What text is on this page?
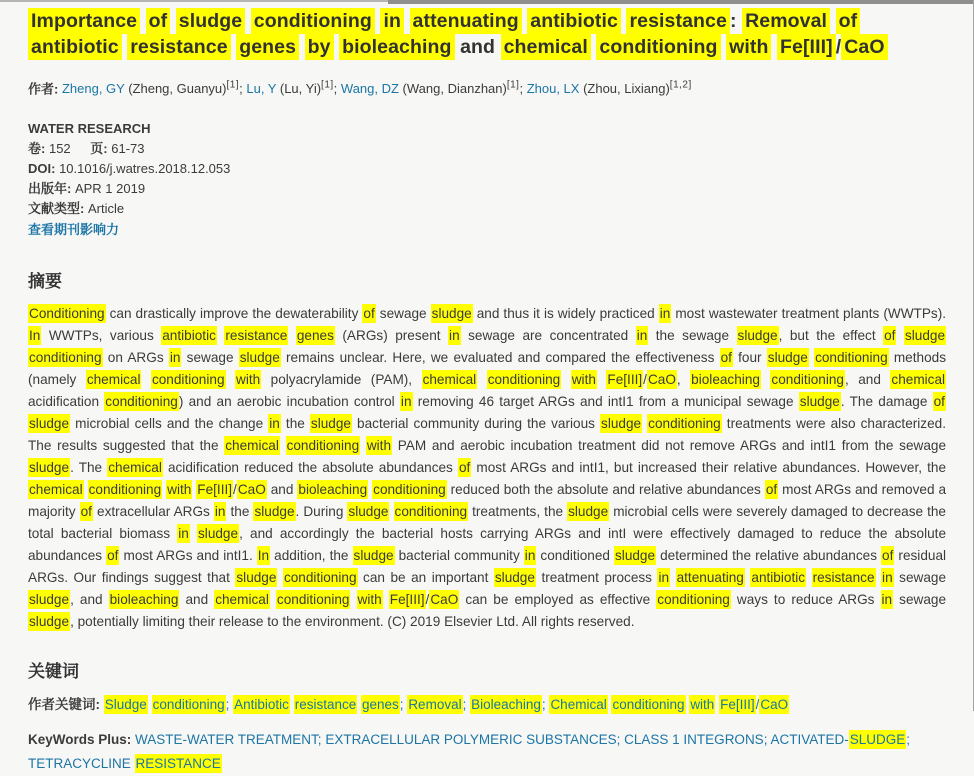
Importance of sludge conditioning in attenuating antibiotic resistance : Removal of antibiotic resistance genes by bioleaching and chemical conditioning with Fe[III] / CaO
作者: Zheng, GY (Zheng, Guanyu)[1]; Lu, Y (Lu, Yi)[1]; Wang, DZ (Wang, Dianzhan)[1]; Zhou, LX (Zhou, Lixiang)[1,2]
WATER RESEARCH
卷: 152 页: 61-73
DOI: 10.1016/j.watres.2018.12.053
出版年: APR 1 2019
文献类型: Article
查看期刊影响力
摘要

Conditioning can drastically improve the dewaterability of sewage sludge and thus it is widely practiced in most wastewater treatment plants (WWTPs). In WWTPs, various antibiotic resistance genes (ARGs) present in sewage are concentrated in the sewage sludge, but the effect of sludge conditioning on ARGs in sewage sludge remains unclear. Here, we evaluated and compared the effectiveness of four sludge conditioning methods (namely chemical conditioning with polyacrylamide (PAM), chemical conditioning with Fe[III]/CaO, bioleaching conditioning, and chemical acidification conditioning) and an aerobic incubation control in removing 46 target ARGs and intI1 from a municipal sewage sludge. The damage of sludge microbial cells and the change in the sludge bacterial community during the various sludge conditioning treatments were also characterized. The results suggested that the chemical conditioning with PAM and aerobic incubation treatment did not remove ARGs and intI1 from the sewage sludge. The chemical acidification reduced the absolute abundances of most ARGs and intI1, but increased their relative abundances. However, the chemical conditioning with Fe[III]/CaO and bioleaching conditioning reduced both the absolute and relative abundances of most ARGs and removed a majority of extracellular ARGs in the sludge. During sludge conditioning treatments, the sludge microbial cells were severely damaged to decrease the total bacterial biomass in sludge, and accordingly the bacterial hosts carrying ARGs and intI were effectively damaged to reduce the absolute abundances of most ARGs and intI1. In addition, the sludge bacterial community in conditioned sludge determined the relative abundances of residual ARGs. Our findings suggest that sludge conditioning can be an important sludge treatment process in attenuating antibiotic resistance in sewage sludge, and bioleaching and chemical conditioning with Fe[III]/CaO can be employed as effective conditioning ways to reduce ARGs in sewage sludge, potentially limiting their release to the environment. (C) 2019 Elsevier Ltd. All rights reserved.

关键词
作者关键词: Sludge conditioning; Antibiotic resistance genes; Removal; Bioleaching; Chemical conditioning with Fe[III]/CaO
KeyWords Plus: WASTE-WATER TREATMENT; EXTRACELLULAR POLYMERIC SUBSTANCES; CLASS 1 INTEGRONS; ACTIVATED-SLUDGE; TETRACYCLINE RESISTANCE
